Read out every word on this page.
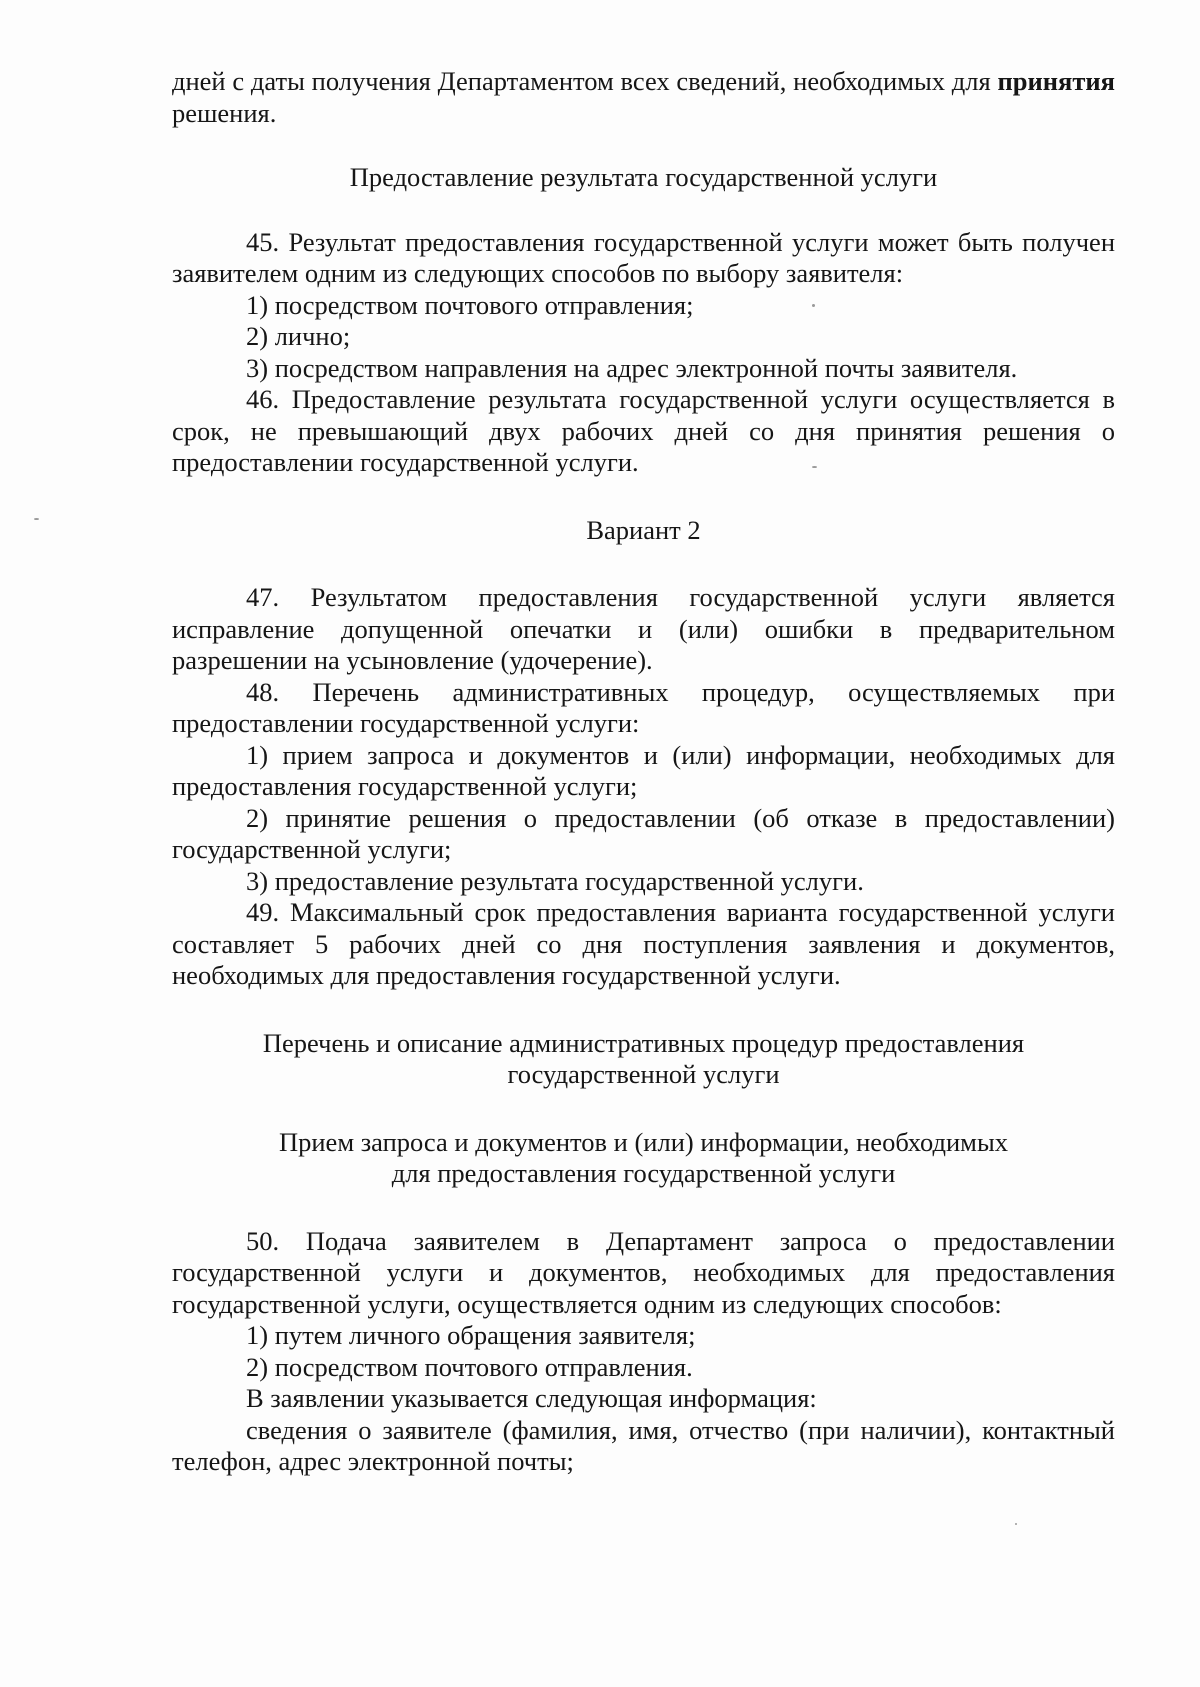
дней с даты получения Департаментом всех сведений, необходимых для принятия решения.

Предоставление результата государственной услуги

45. Результат предоставления государственной услуги может быть получен заявителем одним из следующих способов по выбору заявителя:

1) посредством почтового отправления;

2) лично;

3) посредством направления на адрес электронной почты заявителя.

46. Предоставление результата государственной услуги осуществляется в срок, не превышающий двух рабочих дней со дня принятия решения о предоставлении государственной услуги.

Вариант 2

47. Результатом предоставления государственной услуги является исправление допущенной опечатки и (или) ошибки в предварительном разрешении на усыновление (удочерение).

48. Перечень административных процедур, осуществляемых при предоставлении государственной услуги:

1) прием запроса и документов и (или) информации, необходимых для предоставления государственной услуги;

2) принятие решения о предоставлении (об отказе в предоставлении) государственной услуги;

3) предоставление результата государственной услуги.

49. Максимальный срок предоставления варианта государственной услуги составляет 5 рабочих дней со дня поступления заявления и документов, необходимых для предоставления государственной услуги.

Перечень и описание административных процедур предоставления
государственной услуги
Прием запроса и документов и (или) информации, необходимых
для предоставления государственной услуги

50. Подача заявителем в Департамент запроса о предоставлении государственной услуги и документов, необходимых для предоставления государственной услуги, осуществляется одним из следующих способов:

1) путем личного обращения заявителя;

2) посредством почтового отправления.

В заявлении указывается следующая информация:

сведения о заявителе (фамилия, имя, отчество (при наличии), контактный телефон, адрес электронной почты;
